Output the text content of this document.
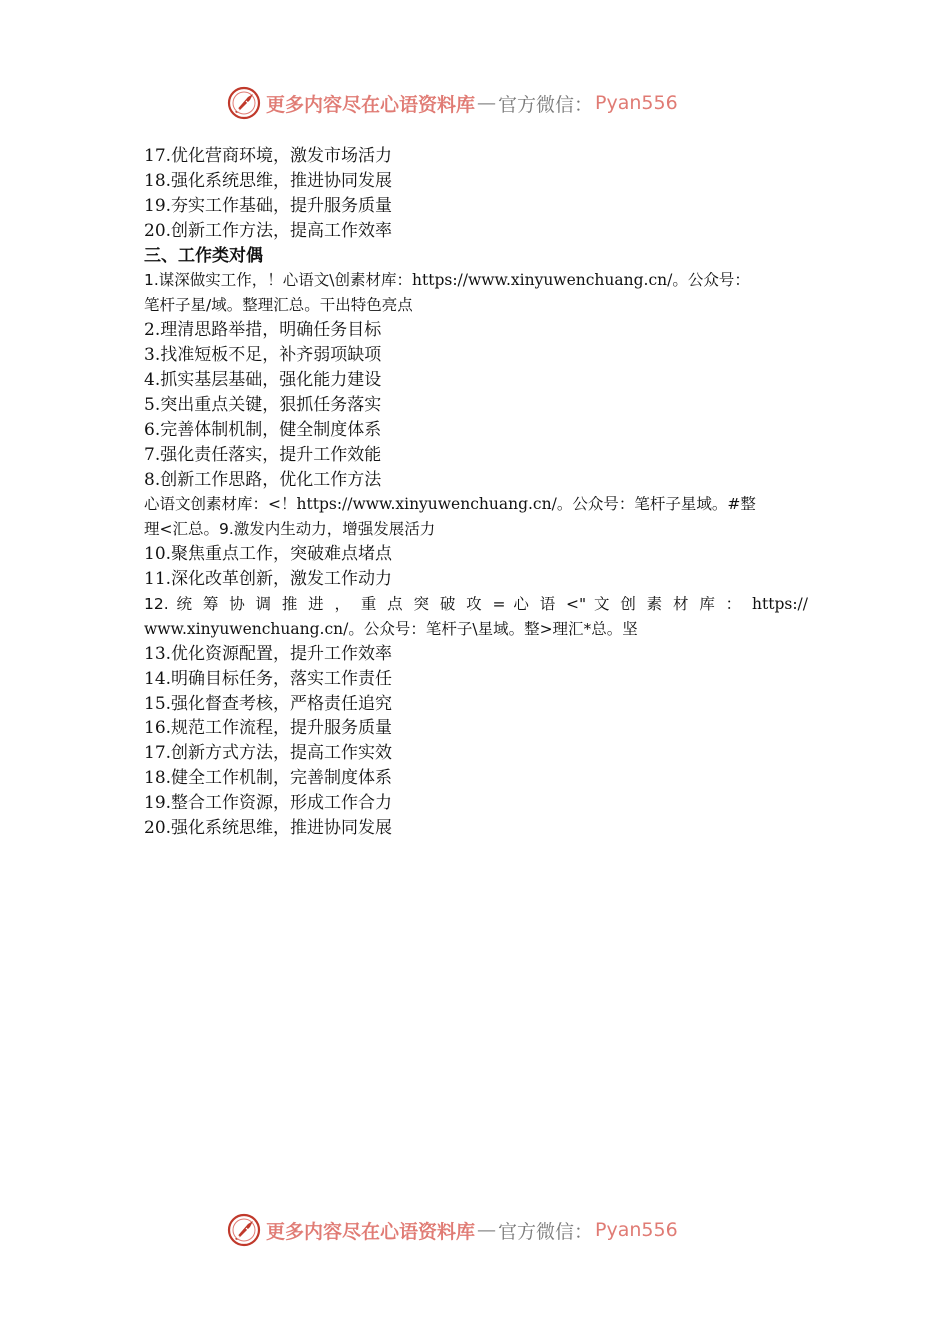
更多内容尽在心语资料库 — 官方微信： Pyan556
17.优化营商环境，激发市场活力
18.强化系统思维，推进协同发展
19.夯实工作基础，提升服务质量
20.创新工作方法，提高工作效率
三、工作类对偶
1.谋深做实工作，！心语文\创素材库：https://www.xinyuwenchuang.cn/。公众号：
笔杆子星/域。整理汇总。干出特色亮点
2.理清思路举措，明确任务目标
3.找准短板不足，补齐弱项缺项
4.抓实基层基础，强化能力建设
5.突出重点关键，狠抓任务落实
6.完善体制机制，健全制度体系
7.强化责任落实，提升工作效能
8.创新工作思路，优化工作方法
心语文创素材库：<！https://www.xinyuwenchuang.cn/。公众号：笔杆子星域。#整
理<汇总。9.激发内生动力，增强发展活力
10.聚焦重点工作，突破难点堵点
11.深化改革创新，激发工作动力
12. 统 筹 协 调 推 进 ， 重 点 突 破 攻 = 心 语 <" 文 创 素 材 库 ： https://
www.xinyuwenchuang.cn/。公众号：笔杆子\星域。整>理汇*总。坚
13.优化资源配置，提升工作效率
14.明确目标任务，落实工作责任
15.强化督查考核，严格责任追究
16.规范工作流程，提升服务质量
17.创新方式方法，提高工作实效
18.健全工作机制，完善制度体系
19.整合工作资源，形成工作合力
20.强化系统思维，推进协同发展
更多内容尽在心语资料库 — 官方微信： Pyan556
